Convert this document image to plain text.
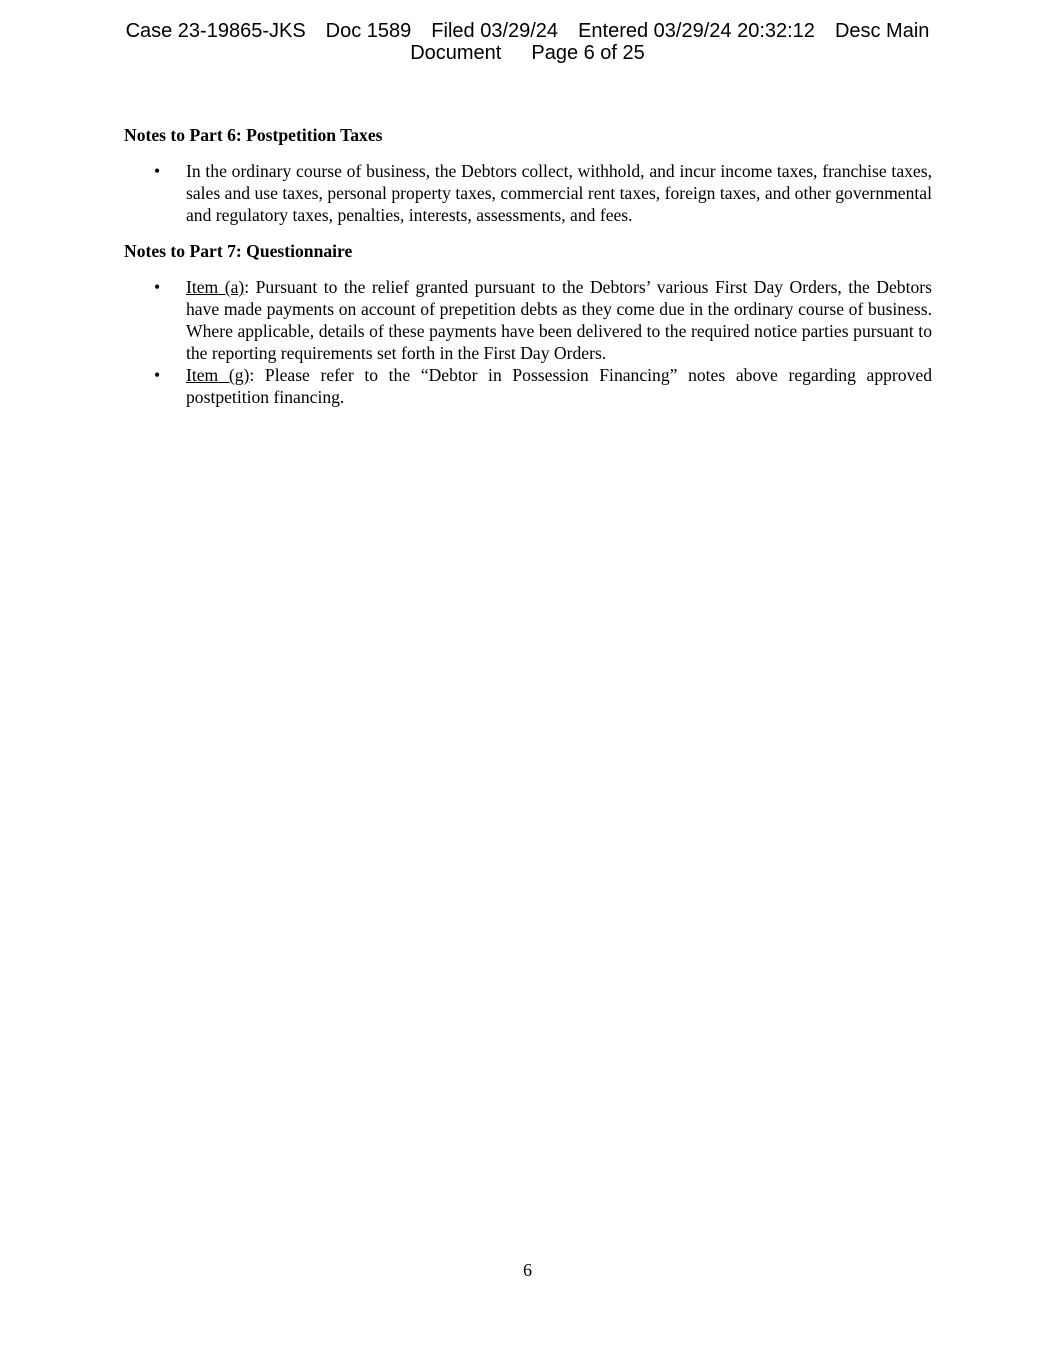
Case 23-19865-JKS Doc 1589 Filed 03/29/24 Entered 03/29/24 20:32:12 Desc Main
Document Page 6 of 25

Notes to Part 6: Postpetition Taxes

• In the ordinary course of business, the Debtors collect, withhold, and incur income taxes, franchise taxes, sales and use taxes, personal property taxes, commercial rent taxes, foreign taxes, and other governmental and regulatory taxes, penalties, interests, assessments, and fees.

Notes to Part 7: Questionnaire

• Item (a): Pursuant to the relief granted pursuant to the Debtors’ various First Day Orders, the Debtors have made payments on account of prepetition debts as they come due in the ordinary course of business. Where applicable, details of these payments have been delivered to the required notice parties pursuant to the reporting requirements set forth in the First Day Orders.
• Item (g): Please refer to the “Debtor in Possession Financing” notes above regarding approved postpetition financing.
6
